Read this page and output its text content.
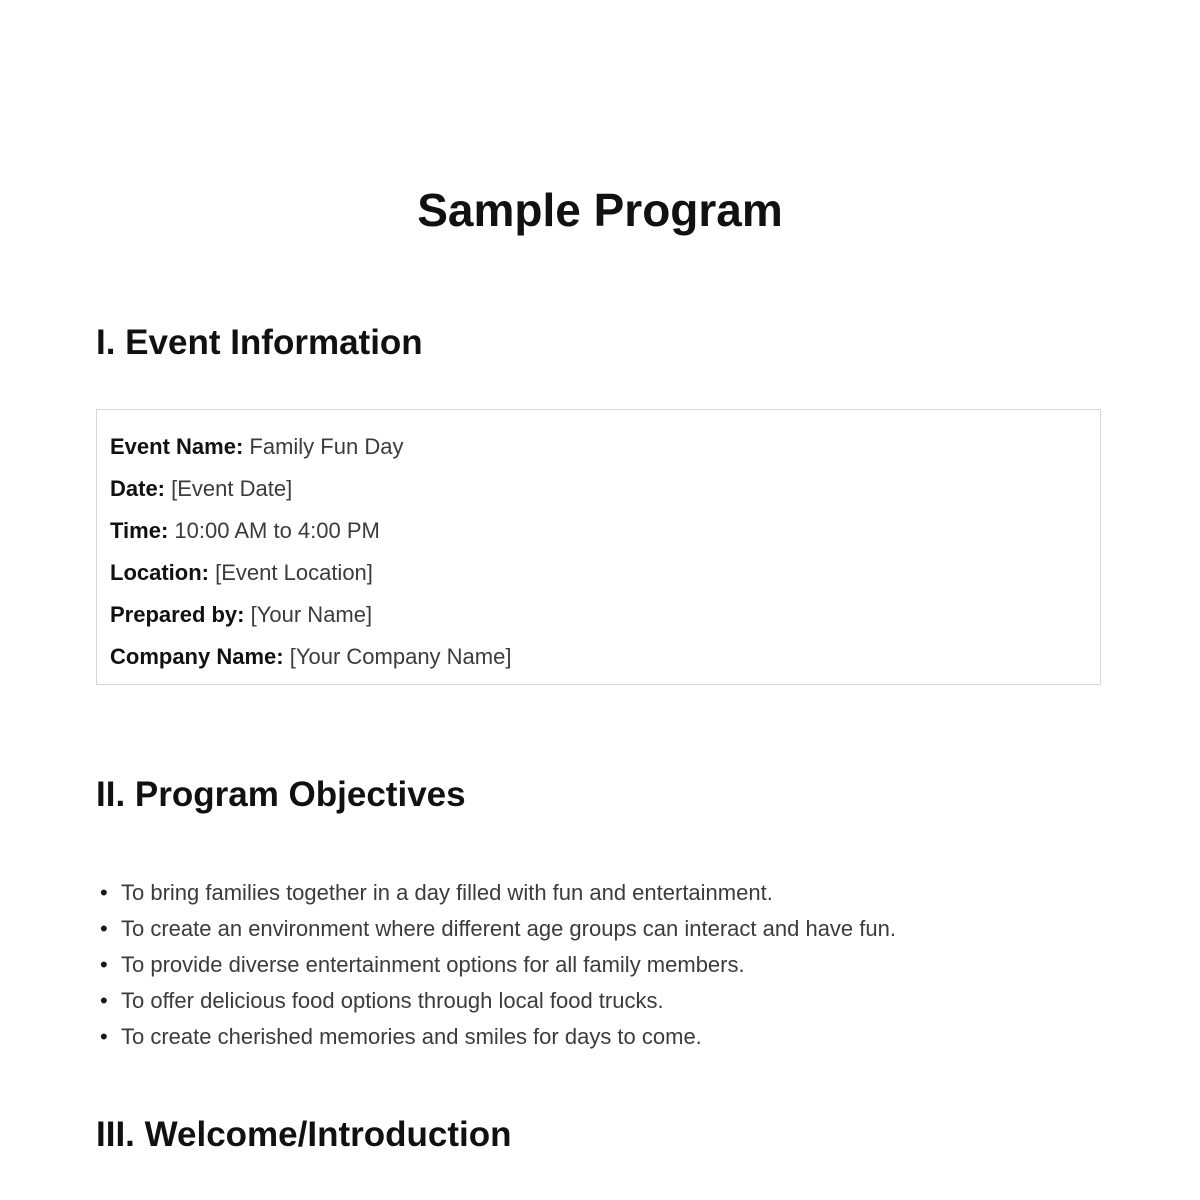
Sample Program
I. Event Information
Event Name: Family Fun Day
Date: [Event Date]
Time: 10:00 AM to 4:00 PM
Location: [Event Location]
Prepared by: [Your Name]
Company Name: [Your Company Name]
II. Program Objectives
• To bring families together in a day filled with fun and entertainment.
• To create an environment where different age groups can interact and have fun.
• To provide diverse entertainment options for all family members.
• To offer delicious food options through local food trucks.
• To create cherished memories and smiles for days to come.
III. Welcome/Introduction
